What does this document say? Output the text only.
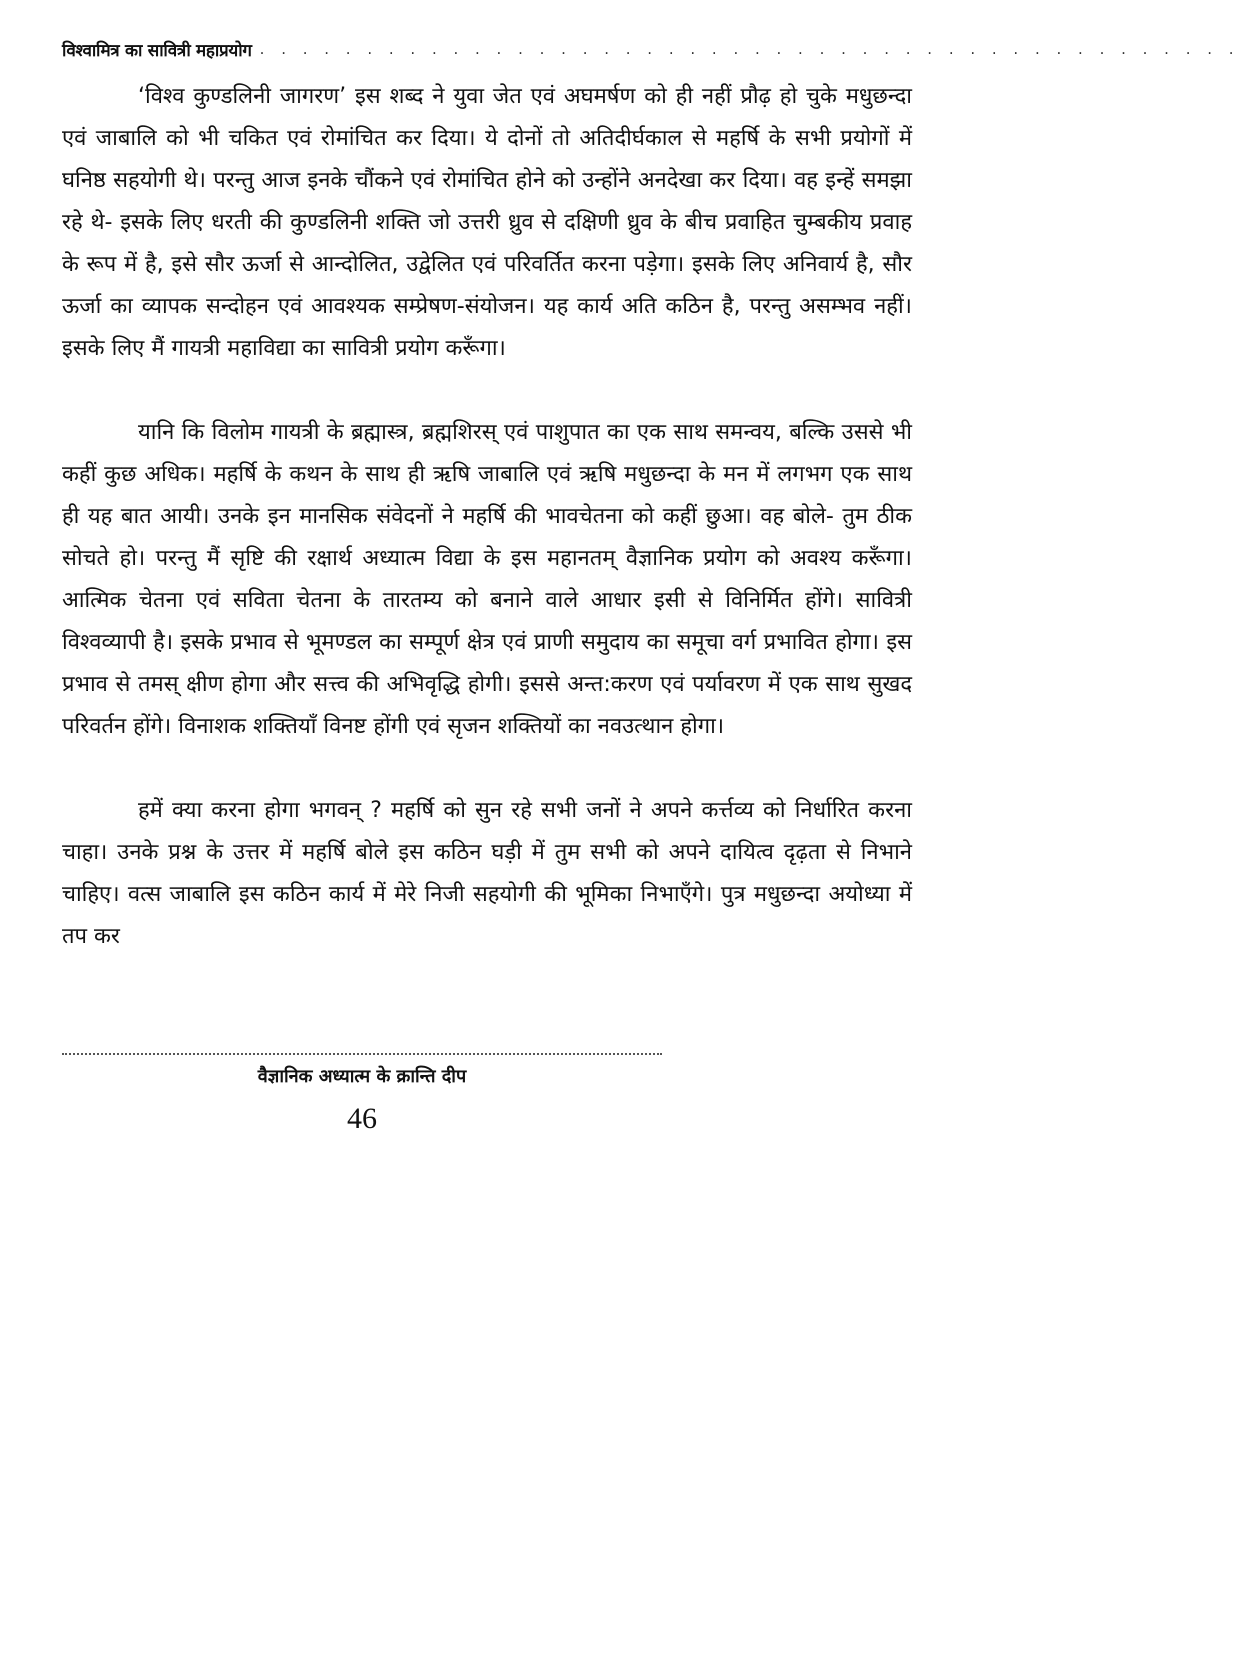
विश्वामित्र का सावित्री महाप्रयोग . . . . . . . . . . . . . . . . . . . . . . . . . . . . . . . . . . . . . . . . . . . . . .

‘विश्व कुण्डलिनी जागरण’ इस शब्द ने युवा जेत एवं अघमर्षण को ही नहीं प्रौढ़ हो चुके मधुछन्दा एवं जाबालि को भी चकित एवं रोमांचित कर दिया। ये दोनों तो अतिदीर्घकाल से महर्षि के सभी प्रयोगों में घनिष्ठ सहयोगी थे। परन्तु आज इनके चौंकने एवं रोमांचित होने को उन्होंने अनदेखा कर दिया। वह इन्हें समझा रहे थे- इसके लिए धरती की कुण्डलिनी शक्ति जो उत्तरी ध्रुव से दक्षिणी ध्रुव के बीच प्रवाहित चुम्बकीय प्रवाह के रूप में है, इसे सौर ऊर्जा से आन्दोलित, उद्वेलित एवं परिवर्तित करना पड़ेगा। इसके लिए अनिवार्य है, सौर ऊर्जा का व्यापक सन्दोहन एवं आवश्यक सम्प्रेषण-संयोजन। यह कार्य अति कठिन है, परन्तु असम्भव नहीं। इसके लिए मैं गायत्री महाविद्या का सावित्री प्रयोग करूँगा।

यानि कि विलोम गायत्री के ब्रह्मास्त्र, ब्रह्मशिरस् एवं पाशुपात का एक साथ समन्वय, बल्कि उससे भी कहीं कुछ अधिक। महर्षि के कथन के साथ ही ऋषि जाबालि एवं ऋषि मधुछन्दा के मन में लगभग एक साथ ही यह बात आयी। उनके इन मानसिक संवेदनों ने महर्षि की भावचेतना को कहीं छुआ। वह बोले- तुम ठीक सोचते हो। परन्तु मैं सृष्टि की रक्षार्थ अध्यात्म विद्या के इस महानतम् वैज्ञानिक प्रयोग को अवश्य करूँगा। आत्मिक चेतना एवं सविता चेतना के तारतम्य को बनाने वाले आधार इसी से विनिर्मित होंगे। सावित्री विश्वव्यापी है। इसके प्रभाव से भूमण्डल का सम्पूर्ण क्षेत्र एवं प्राणी समुदाय का समूचा वर्ग प्रभावित होगा। इस प्रभाव से तमस् क्षीण होगा और सत्त्व की अभिवृद्धि होगी। इससे अन्त:करण एवं पर्यावरण में एक साथ सुखद परिवर्तन होंगे। विनाशक शक्तियाँ विनष्ट होंगी एवं सृजन शक्तियों का नवउत्थान होगा।

हमें क्या करना होगा भगवन् ? महर्षि को सुन रहे सभी जनों ने अपने कर्त्तव्य को निर्धारित करना चाहा। उनके प्रश्न के उत्तर में महर्षि बोले इस कठिन घड़ी में तुम सभी को अपने दायित्व दृढ़ता से निभाने चाहिए। वत्स जाबालि इस कठिन कार्य में मेरे निजी सहयोगी की भूमिका निभाएँगे। पुत्र मधुछन्दा अयोध्या में तप कर

वैज्ञानिक अध्यात्म के क्रान्ति दीप
46
